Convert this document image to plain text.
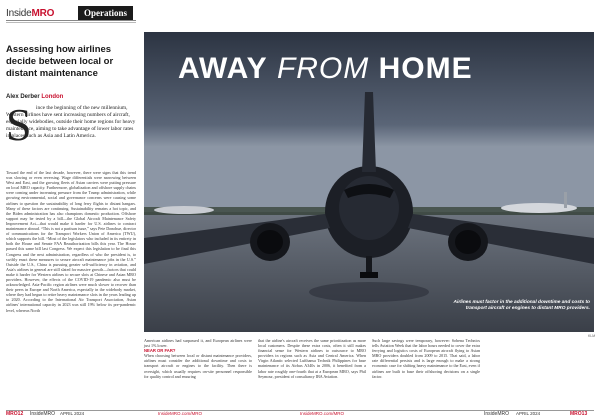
InsideMRO	Operations
Assessing how airlines decide between local or distant maintenance
Alex Derber London
S ince the beginning of the new millennium, Western airlines have sent increasing numbers of aircraft, especially widebodies, outside their home regions for heavy maintenance, aiming to take advantage of lower labor rates in places such as Asia and Latin America.
Toward the end of the last decade, however, there were signs that this trend was slowing or even reversing. Wage differentials were narrowing between West and East, and the growing fleets of Asian carriers were putting pressure on local MRO capacity. Furthermore, globalization and offshore supply chains were coming under increasing pressure from the Trump administration, while growing environmental, social and governance concerns were causing some airlines to question the sustainability of long ferry flights to distant hangars. Many of these factors are continuing. Sustainability remains a hot topic, and the Biden administration has also champions domestic production. Offshore support may be tested by a bill—the Global Aircraft Maintenance Safety Improvement Act—that would make it harder for U.S. airlines to contract maintenance abroad. “This is not a partisan issue,” says Pete Donohue, director of communications for the Transport Workers Union of America (TWU), which supports the bill. “Most of the legislators who included in its entirety in both the House and Senate FAA Reauthorization bills this year. The House passed this same bill last Congress. We expect this legislation to be final this Congress and the next administration, regardless of who the president is, to swiftly enact these measures to secure aircraft maintenance jobs in the U.S.” Outside the U.S., China is pursuing greater self-sufficiency in aviation, and Asia's airlines in general are still slated for massive growth—factors that could make it harder for Western airlines to secure slots at Chinese and Asian MRO providers. However, the effects of the COVID-19 pandemic also must be acknowledged. Asia-Pacific region airlines were much slower to recover than their peers in Europe and North America, especially in the widebody market, where they had begun to retire heavy maintenance slots in the years leading up to 2020. According to the International Air Transport Association, Asian airlines' international capacity in 2023 was still 19% below its pre-pandemic level, whereas North
AWAY FROM HOME
Airlines must factor in the additional downtime and costs to transport aircraft or engines to distant MRO providers.
KLM
American airlines had surpassed it, and European airlines were just 1% lower.
NEAR OR FAR?
When choosing between local or distant maintenance providers, airlines must consider the additional downtime and costs to transport aircraft or engines to the facility. Then there is oversight, which usually requires on-site personnel responsible for quality control and ensuring
that the airline's aircraft receives the same prioritization as more local customers. Despite these extra costs, often it still makes financial sense for Western airlines to outsource to MRO providers in regions such as Asia and Central America. When Virgin Atlantic selected Lufthansa Technik Philippines for base maintenance of its Airbus A340s in 2006, it benefited from a labor rate roughly one-fourth that at a European MRO, says Phil Seymour, president of consultancy IBA Aviation.
Such large savings were temporary, however: Sobena Technics tells Aviation Week that the labor hours needed to cover the extra ferrying and logistics costs of European aircraft flying to Asian MRO providers doubled from 2009 to 2015. That said, a labor rate differential persists and is large enough to make a strong economic case for shifting heavy maintenance to the East, even if airlines are built to base their offshoring decisions on a single factor.
MRO12 InsideMRO APRIL 2024	InsideMRO.com/MRO	InsideMRO.com/MRO	InsideMRO APRIL 2024	MRO13
